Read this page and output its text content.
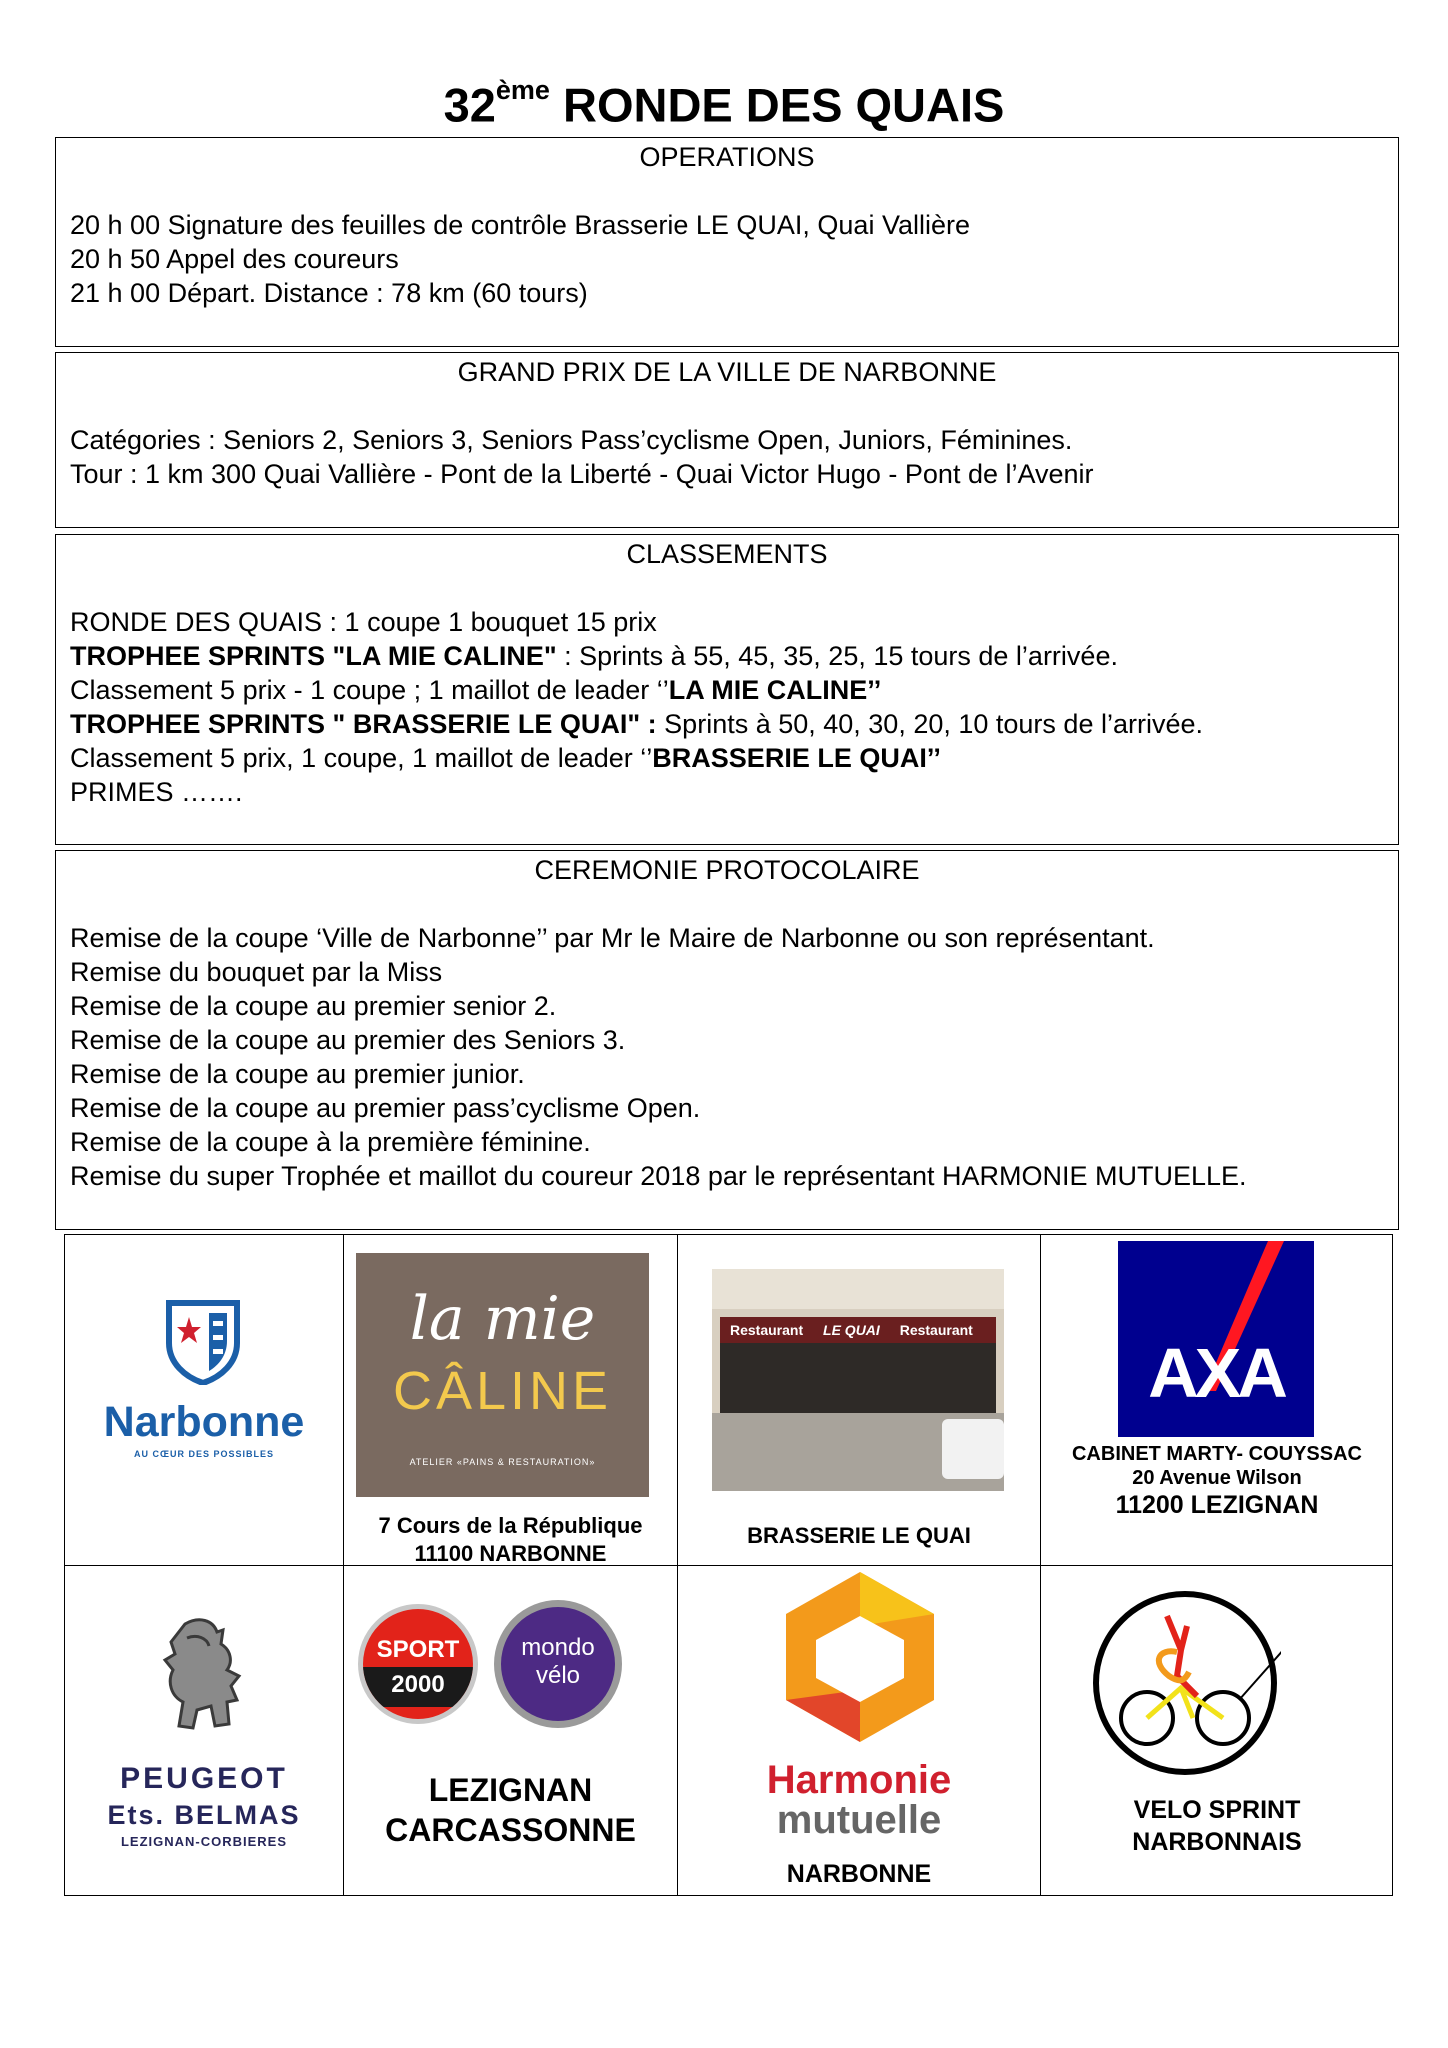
32ème RONDE DES QUAIS
OPERATIONS
20 h 00 Signature des feuilles de contrôle Brasserie LE QUAI, Quai Vallière
20 h 50 Appel des coureurs
21 h 00 Départ. Distance : 78 km (60 tours)
GRAND PRIX DE LA VILLE DE NARBONNE
Catégories : Seniors 2, Seniors 3, Seniors Pass’cyclisme Open, Juniors, Féminines.
Tour : 1 km 300 Quai Vallière - Pont de la Liberté - Quai Victor Hugo - Pont de l’Avenir
CLASSEMENTS
RONDE DES QUAIS : 1 coupe 1 bouquet 15 prix
TROPHEE SPRINTS "LA MIE CALINE" : Sprints à 55, 45, 35, 25, 15 tours de l’arrivée.
Classement 5 prix - 1 coupe ; 1 maillot de leader ‘’LA MIE CALINE’’
TROPHEE SPRINTS " BRASSERIE LE QUAI" : Sprints à 50, 40, 30, 20, 10 tours de l’arrivée.
Classement 5 prix, 1 coupe, 1 maillot de leader ‘’BRASSERIE LE QUAI’’
PRIMES …….
CEREMONIE PROTOCOLAIRE
Remise de la coupe ‘Ville de Narbonne’’ par Mr le Maire de Narbonne ou son représentant.
Remise du bouquet par la Miss
Remise de la coupe au premier senior 2.
Remise de la coupe au premier des Seniors 3.
Remise de la coupe au premier junior.
Remise de la coupe au premier pass’cyclisme Open.
Remise de la coupe à la première féminine.
Remise du super Trophée et maillot du coureur 2018 par le représentant HARMONIE MUTUELLE.
Narbonne
AU CŒUR DES POSSIBLES
la mie
CÂLINE
ATELIER «PAINS & RESTAURATION»
7 Cours de la République
11100 NARBONNE
Restaurant LE QUAI Restaurant
BRASSERIE LE QUAI
AXA
CABINET MARTY- COUYSSAC
20 Avenue Wilson
11200 LEZIGNAN
PEUGEOT
Ets. BELMAS
LEZIGNAN-CORBIERES
SPORT
2000
mondo
vélo
LEZIGNAN
CARCASSONNE
Harmonie
mutuelle
NARBONNE
VELO SPRINT
NARBONNAIS
